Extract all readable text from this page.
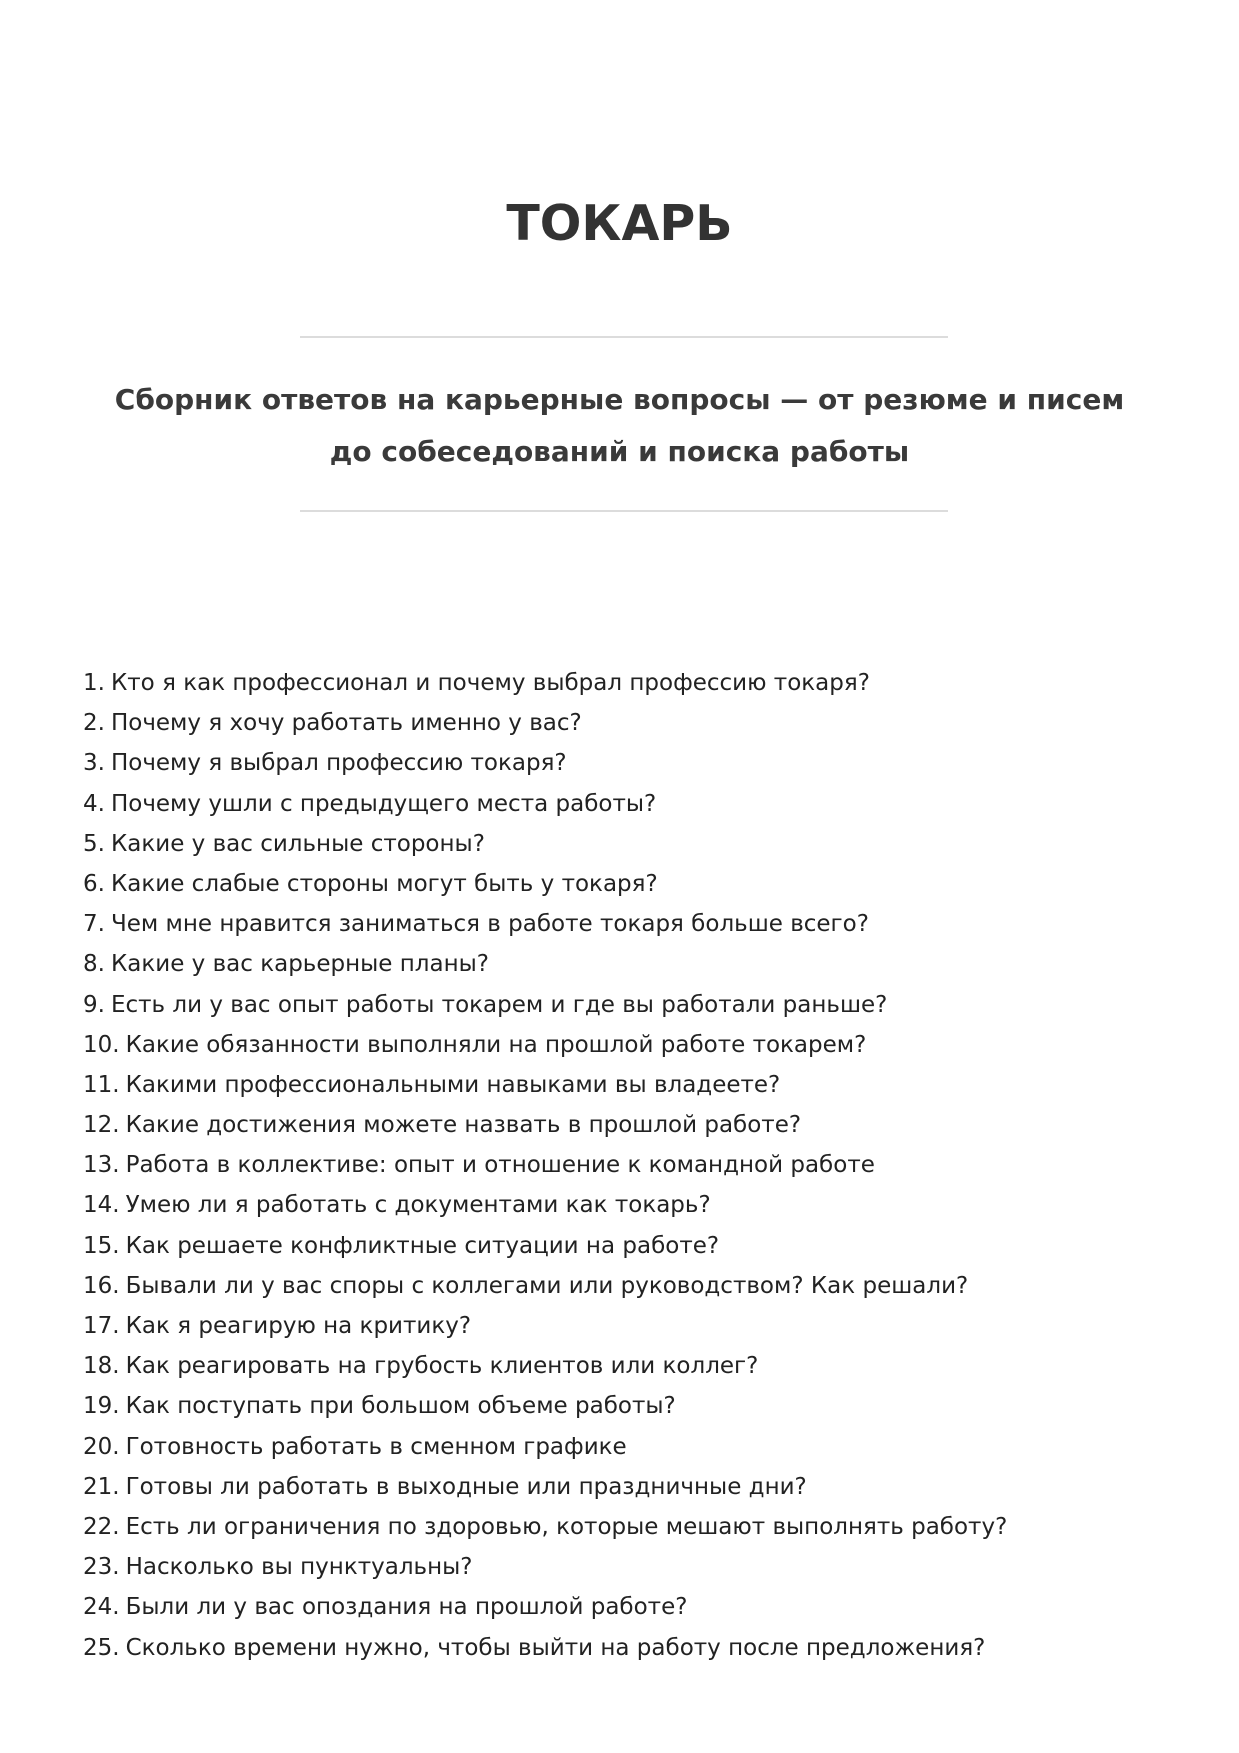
ТОКАРЬ

Сборник ответов на карьерные вопросы — от резюме и писем до собеседований и поиска работы

1. Кто я как профессионал и почему выбрал профессию токаря?
2. Почему я хочу работать именно у вас?
3. Почему я выбрал профессию токаря?
4. Почему ушли с предыдущего места работы?
5. Какие у вас сильные стороны?
6. Какие слабые стороны могут быть у токаря?
7. Чем мне нравится заниматься в работе токаря больше всего?
8. Какие у вас карьерные планы?
9. Есть ли у вас опыт работы токарем и где вы работали раньше?
10. Какие обязанности выполняли на прошлой работе токарем?
11. Какими профессиональными навыками вы владеете?
12. Какие достижения можете назвать в прошлой работе?
13. Работа в коллективе: опыт и отношение к командной работе
14. Умею ли я работать с документами как токарь?
15. Как решаете конфликтные ситуации на работе?
16. Бывали ли у вас споры с коллегами или руководством? Как решали?
17. Как я реагирую на критику?
18. Как реагировать на грубость клиентов или коллег?
19. Как поступать при большом объеме работы?
20. Готовность работать в сменном графике
21. Готовы ли работать в выходные или праздничные дни?
22. Есть ли ограничения по здоровью, которые мешают выполнять работу?
23. Насколько вы пунктуальны?
24. Были ли у вас опоздания на прошлой работе?
25. Сколько времени нужно, чтобы выйти на работу после предложения?
